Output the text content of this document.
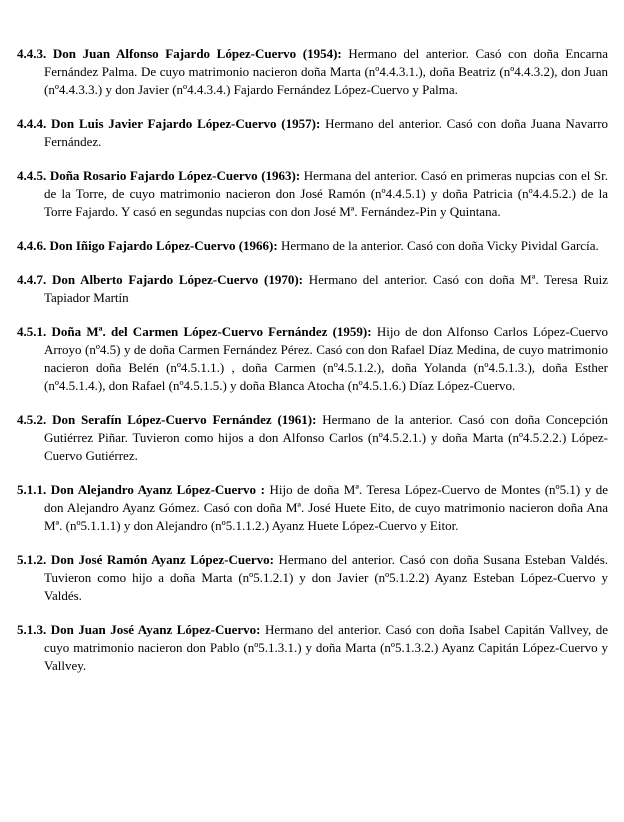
4.4.3. Don Juan Alfonso Fajardo López-Cuervo (1954): Hermano del anterior. Casó con doña Encarna Fernández Palma. De cuyo matrimonio nacieron doña Marta (nº4.4.3.1.), doña Beatriz (nº4.4.3.2), don Juan (nº4.4.3.3.) y don Javier (nº4.4.3.4.) Fajardo Fernández López-Cuervo y Palma.

4.4.4. Don Luis Javier Fajardo López-Cuervo (1957): Hermano del anterior. Casó con doña Juana Navarro Fernández.

4.4.5. Doña Rosario Fajardo López-Cuervo (1963): Hermana del anterior. Casó en primeras nupcias con el Sr. de la Torre, de cuyo matrimonio nacieron don José Ramón (nº4.4.5.1) y doña Patricia (nº4.4.5.2.) de la Torre Fajardo. Y casó en segundas nupcias con don José Mª. Fernández-Pin y Quintana.

4.4.6. Don Iñigo Fajardo López-Cuervo (1966): Hermano de la anterior. Casó con doña Vicky Pividal García.

4.4.7. Don Alberto Fajardo López-Cuervo (1970): Hermano del anterior. Casó con doña Mª. Teresa Ruiz Tapiador Martín

4.5.1. Doña Mª. del Carmen López-Cuervo Fernández (1959): Hijo de don Alfonso Carlos López-Cuervo Arroyo (nº4.5) y de doña Carmen Fernández Pérez. Casó con don Rafael Díaz Medina, de cuyo matrimonio nacieron doña Belén (nº4.5.1.1.) , doña Carmen (nº4.5.1.2.), doña Yolanda (nº4.5.1.3.), doña Esther (nº4.5.1.4.), don Rafael (nº4.5.1.5.) y doña Blanca Atocha (nº4.5.1.6.) Díaz López-Cuervo.

4.5.2. Don Serafín López-Cuervo Fernández (1961): Hermano de la anterior. Casó con doña Concepción Gutiérrez Piñar. Tuvieron como hijos a don Alfonso Carlos (nº4.5.2.1.) y doña Marta (nº4.5.2.2.) López-Cuervo Gutiérrez.

5.1.1. Don Alejandro Ayanz López-Cuervo : Hijo de doña Mª. Teresa López-Cuervo de Montes (nº5.1) y de don Alejandro Ayanz Gómez. Casó con doña Mª. José Huete Eito, de cuyo matrimonio nacieron doña Ana Mª. (nº5.1.1.1) y don Alejandro (nº5.1.1.2.) Ayanz Huete López-Cuervo y Eitor.

5.1.2. Don José Ramón Ayanz López-Cuervo: Hermano del anterior. Casó con doña Susana Esteban Valdés. Tuvieron como hijo a doña Marta (nº5.1.2.1) y don Javier (nº5.1.2.2) Ayanz Esteban López-Cuervo y Valdés.

5.1.3. Don Juan José Ayanz López-Cuervo: Hermano del anterior. Casó con doña Isabel Capitán Vallvey, de cuyo matrimonio nacieron don Pablo (nº5.1.3.1.) y doña Marta (nº5.1.3.2.) Ayanz Capitán López-Cuervo y Vallvey.
